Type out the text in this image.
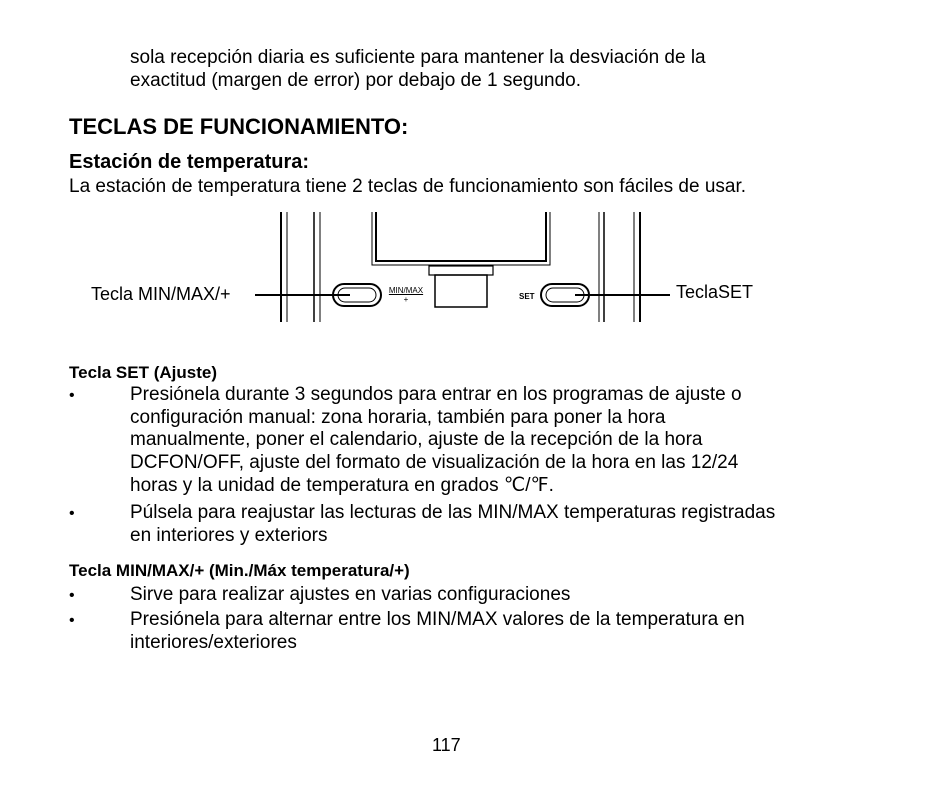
sola recepción diaria es suficiente para mantener la desviación de la
exactitud (margen de error) por debajo de 1 segundo.
TECLAS DE FUNCIONAMIENTO:
Estación de temperatura:
La estación de temperatura tiene 2 teclas de funcionamiento son fáciles de usar.
Tecla MIN/MAX/+	TeclaSET
MIN/MAX
+	SET
Tecla SET (Ajuste)
•	Presiónela durante 3 segundos para entrar en los programas de ajuste o
configuración manual: zona horaria, también para poner la hora
manualmente, poner el calendario, ajuste de la recepción de la hora
DCFON/OFF, ajuste del formato de visualización de la hora en las 12/24
horas y la unidad de temperatura en grados ℃/℉.
•	Púlsela para reajustar las lecturas de las MIN/MAX temperaturas registradas
en interiores y exteriors
Tecla MIN/MAX/+ (Min./Máx temperatura/+)
•	Sirve para realizar ajustes en varias configuraciones
•	Presiónela para alternar entre los MIN/MAX valores de la temperatura en
interiores/exteriores
117
